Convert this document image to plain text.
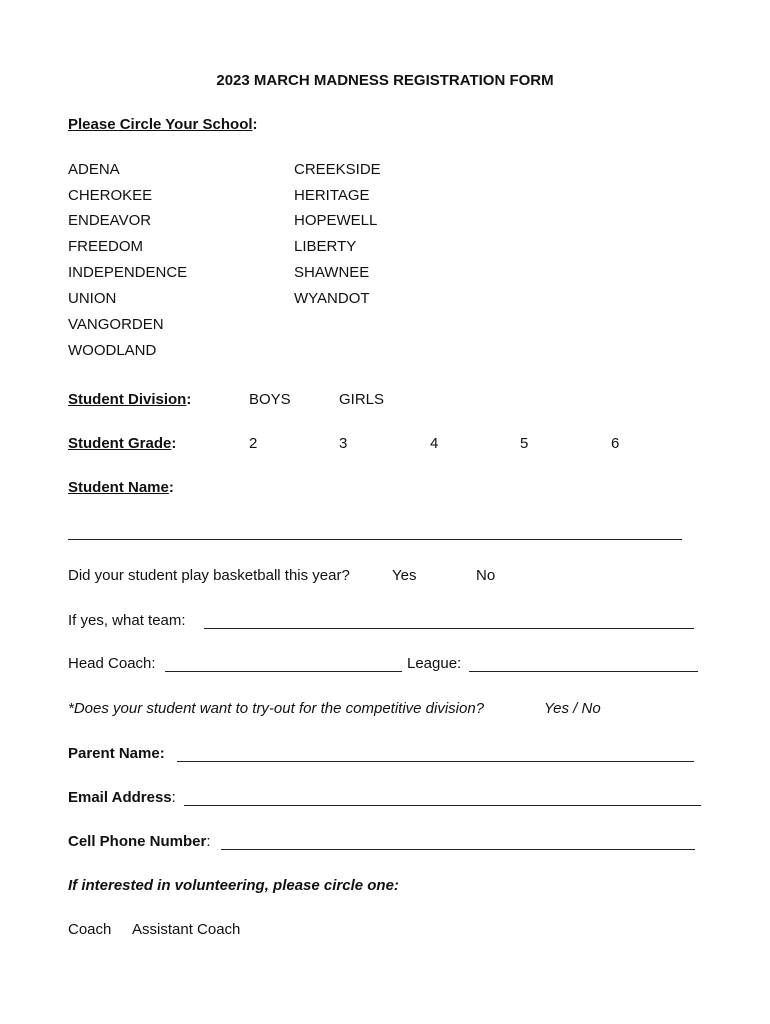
2023 MARCH MADNESS REGISTRATION FORM
Please Circle Your School:
ADENA
CHEROKEE
ENDEAVOR
FREEDOM
INDEPENDENCE
UNION
VANGORDEN
WOODLAND
CREEKSIDE
HERITAGE
HOPEWELL
LIBERTY
SHAWNEE
WYANDOT
Student Division:	BOYS	GIRLS
Student Grade:	2	3	4	5	6
Student Name:
Did your student play basketball this year?	Yes	No
If yes, what team:
Head Coach:	League:
*Does your student want to try-out for the competitive division?	Yes / No
Parent Name:
Email Address:
Cell Phone Number:
If interested in volunteering, please circle one:
Coach Assistant Coach
